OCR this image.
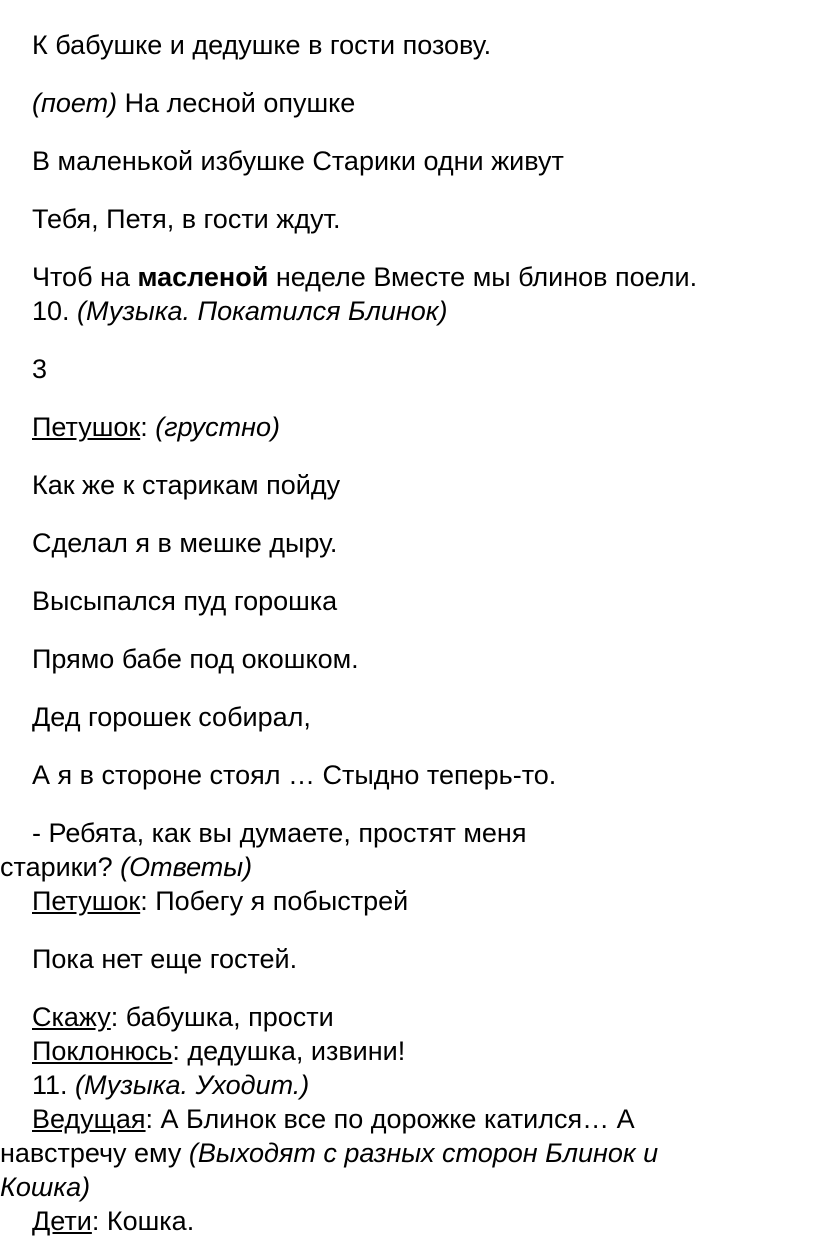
К бабушке и дедушке в гости позову.
(поет) На лесной опушке
В маленькой избушке Старики одни живут
Тебя, Петя, в гости ждут.
Чтоб на масленой неделе Вместе мы блинов поели.
10. (Музыка. Покатился Блинок)
3
Петушок: (грустно)
Как же к старикам пойду
Сделал я в мешке дыру.
Высыпался пуд горошка
Прямо бабе под окошком.
Дед горошек собирал,
А я в стороне стоял … Стыдно теперь-то.
- Ребята, как вы думаете, простят меня
старики? (Ответы)
Петушок: Побегу я побыстрей
Пока нет еще гостей.
Скажу: бабушка, прости
Поклонюсь: дедушка, извини!
11. (Музыка. Уходит.)
Ведущая: А Блинок все по дорожке катился… А
навстречу ему (Выходят с разных сторон Блинок и
Кошка)
Дети: Кошка.
